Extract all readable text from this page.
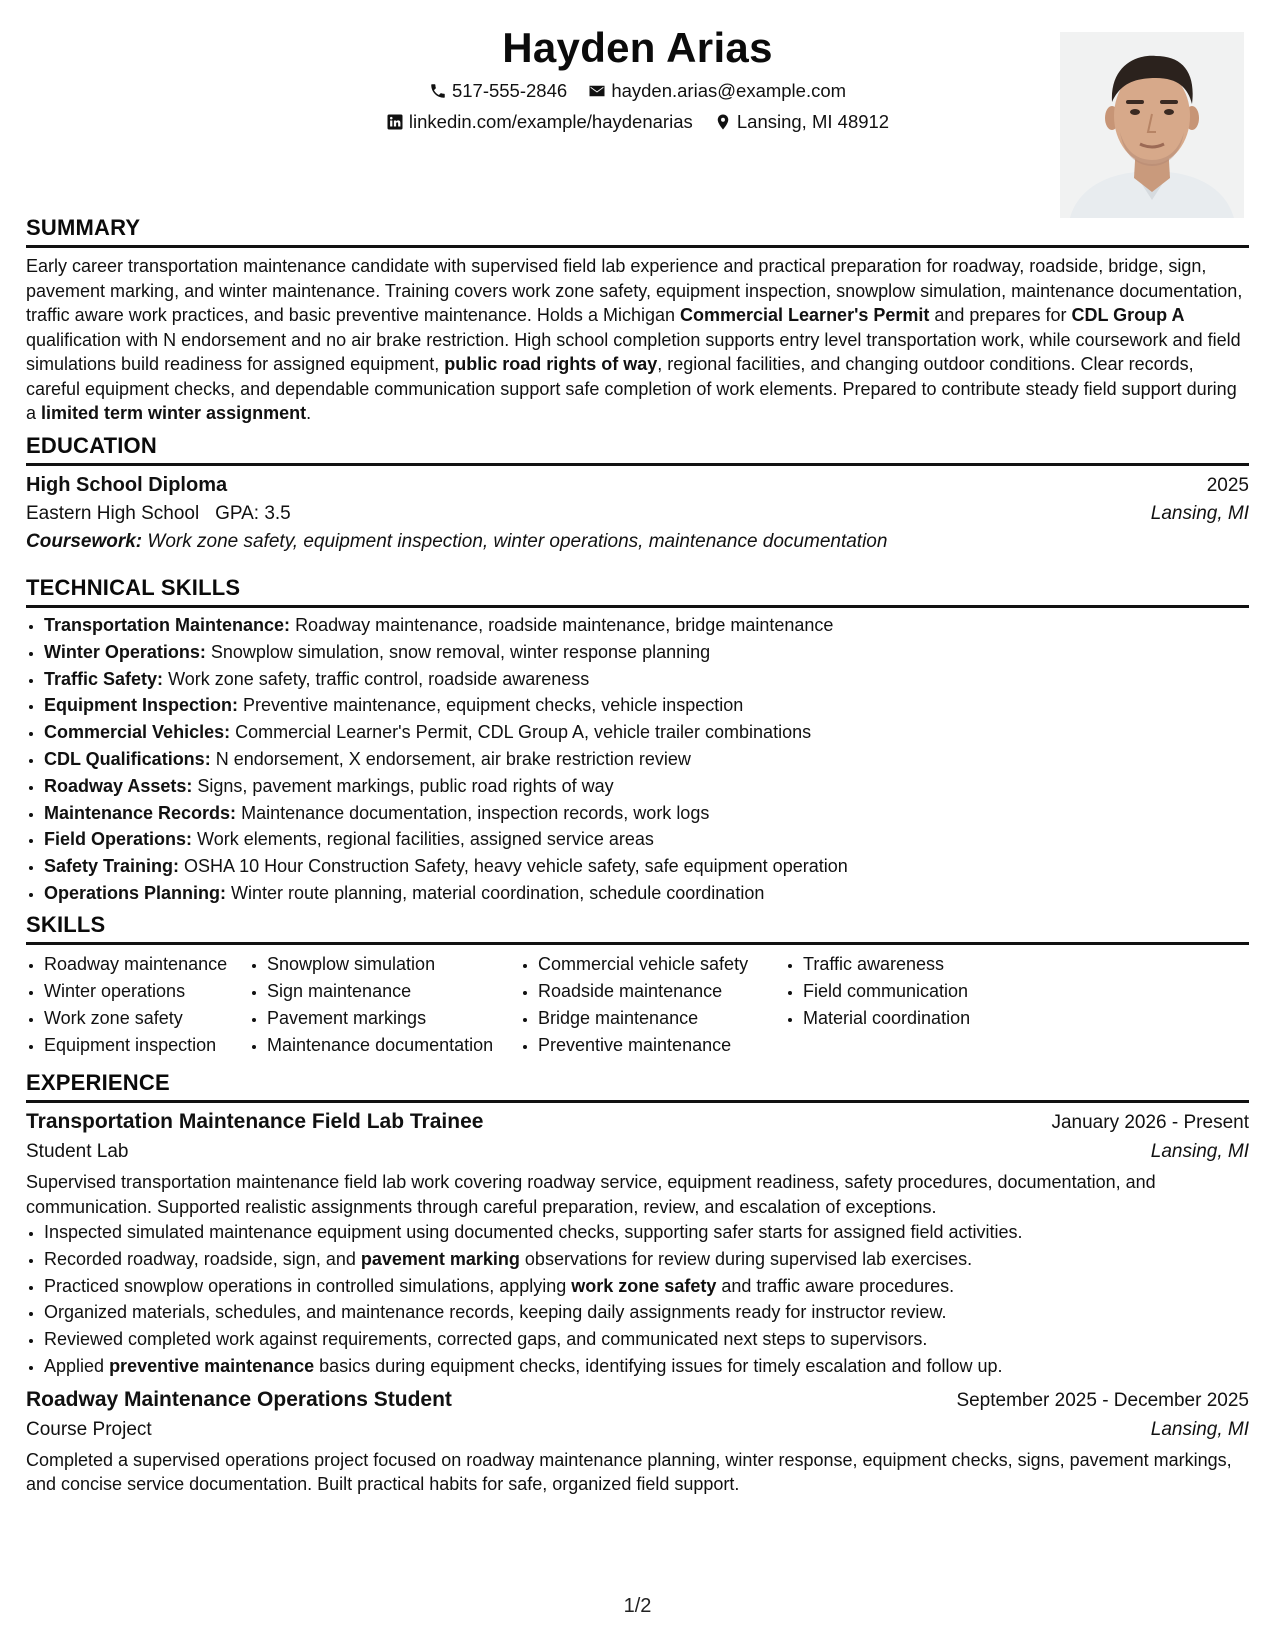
Hayden Arias
517-555-2846
hayden.arias@example.com
linkedin.com/example/haydenarias
Lansing, MI 48912
SUMMARY

Early career transportation maintenance candidate with supervised field lab experience and practical preparation for roadway, roadside, bridge, sign, pavement marking, and winter maintenance. Training covers work zone safety, equipment inspection, snowplow simulation, maintenance documentation, traffic aware work practices, and basic preventive maintenance. Holds a Michigan Commercial Learner's Permit and prepares for CDL Group A qualification with N endorsement and no air brake restriction. High school completion supports entry level transportation work, while coursework and field simulations build readiness for assigned equipment, public road rights of way, regional facilities, and changing outdoor conditions. Clear records, careful equipment checks, and dependable communication support safe completion of work elements. Prepared to contribute steady field support during a limited term winter assignment.

EDUCATION
High School Diploma	2025
Eastern High School GPA: 3.5	Lansing, MI
Coursework: Work zone safety, equipment inspection, winter operations, maintenance documentation
TECHNICAL SKILLS
• Transportation Maintenance: Roadway maintenance, roadside maintenance, bridge maintenance
• Winter Operations: Snowplow simulation, snow removal, winter response planning
• Traffic Safety: Work zone safety, traffic control, roadside awareness
• Equipment Inspection: Preventive maintenance, equipment checks, vehicle inspection
• Commercial Vehicles: Commercial Learner's Permit, CDL Group A, vehicle trailer combinations
• CDL Qualifications: N endorsement, X endorsement, air brake restriction review
• Roadway Assets: Signs, pavement markings, public road rights of way
• Maintenance Records: Maintenance documentation, inspection records, work logs
• Field Operations: Work elements, regional facilities, assigned service areas
• Safety Training: OSHA 10 Hour Construction Safety, heavy vehicle safety, safe equipment operation
• Operations Planning: Winter route planning, material coordination, schedule coordination
SKILLS
• Roadway maintenance
• Winter operations
• Work zone safety
• Equipment inspection
• Snowplow simulation
• Sign maintenance
• Pavement markings
• Maintenance documentation
• Commercial vehicle safety
• Roadside maintenance
• Bridge maintenance
• Preventive maintenance
• Traffic awareness
• Field communication
• Material coordination
EXPERIENCE
Transportation Maintenance Field Lab Trainee	January 2026 - Present
Student Lab	Lansing, MI

Supervised transportation maintenance field lab work covering roadway service, equipment readiness, safety procedures, documentation, and communication. Supported realistic assignments through careful preparation, review, and escalation of exceptions.

• Inspected simulated maintenance equipment using documented checks, supporting safer starts for assigned field activities.
• Recorded roadway, roadside, sign, and pavement marking observations for review during supervised lab exercises.
• Practiced snowplow operations in controlled simulations, applying work zone safety and traffic aware procedures.
• Organized materials, schedules, and maintenance records, keeping daily assignments ready for instructor review.
• Reviewed completed work against requirements, corrected gaps, and communicated next steps to supervisors.
• Applied preventive maintenance basics during equipment checks, identifying issues for timely escalation and follow up.
Roadway Maintenance Operations Student	September 2025 - December 2025
Course Project	Lansing, MI

Completed a supervised operations project focused on roadway maintenance planning, winter response, equipment checks, signs, pavement markings, and concise service documentation. Built practical habits for safe, organized field support.

1/2
